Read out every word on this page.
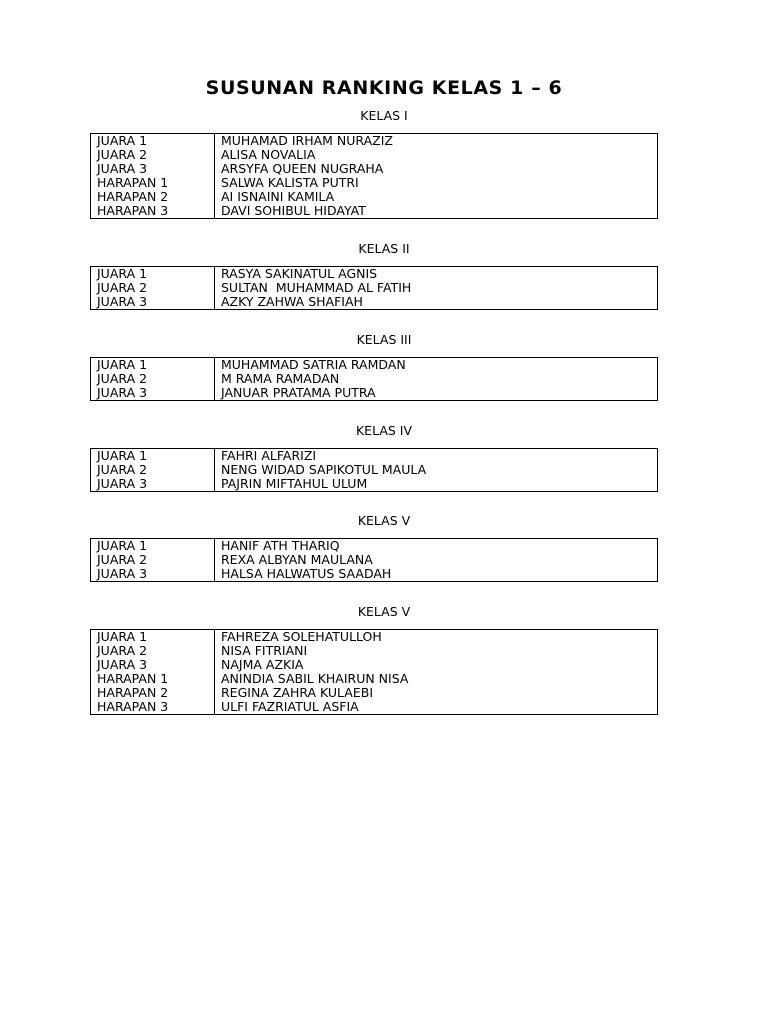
SUSUNAN RANKING KELAS 1 – 6
KELAS I
JUARA 1	MUHAMAD IRHAM NURAZIZ
JUARA 2	ALISA NOVALIA
JUARA 3	ARSYFA QUEEN NUGRAHA
HARAPAN 1	SALWA KALISTA PUTRI
HARAPAN 2	AI ISNAINI KAMILA
HARAPAN 3	DAVI SOHIBUL HIDAYAT
KELAS II
JUARA 1	RASYA SAKINATUL AGNIS
JUARA 2	SULTAN  MUHAMMAD AL FATIH
JUARA 3	AZKY ZAHWA SHAFIAH
KELAS III
JUARA 1	MUHAMMAD SATRIA RAMDAN
JUARA 2	M RAMA RAMADAN
JUARA 3	JANUAR PRATAMA PUTRA
KELAS IV
JUARA 1	FAHRI ALFARIZI
JUARA 2	NENG WIDAD SAPIKOTUL MAULA
JUARA 3	PAJRIN MIFTAHUL ULUM
KELAS V
JUARA 1	HANIF ATH THARIQ
JUARA 2	REXA ALBYAN MAULANA
JUARA 3	HALSA HALWATUS SAADAH
KELAS V
JUARA 1	FAHREZA SOLEHATULLOH
JUARA 2	NISA FITRIANI
JUARA 3	NAJMA AZKIA
HARAPAN 1	ANINDIA SABIL KHAIRUN NISA
HARAPAN 2	REGINA ZAHRA KULAEBI
HARAPAN 3	ULFI FAZRIATUL ASFIA
